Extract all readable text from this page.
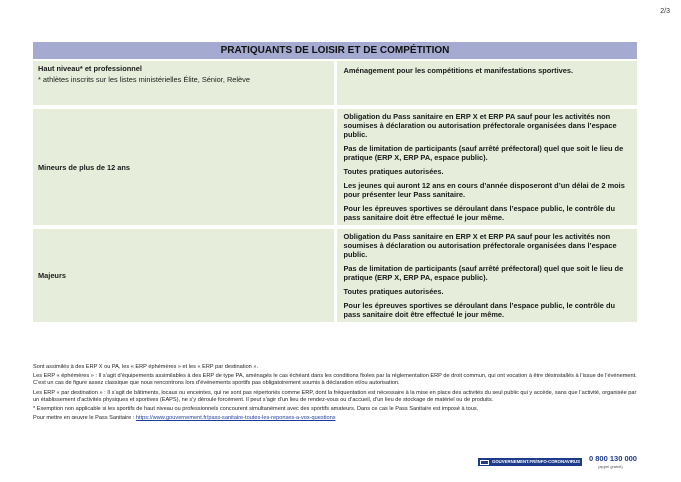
2/3
PRATIQUANTS DE LOISIR ET DE COMPÉTITION	

Haut niveau* et professionnel
* athlètes inscrits sur les listes ministérielles Élite, Sénior, Relève	Aménagement pour les compétitions et manifestations sportives.

Mineurs de plus de 12 ans	Obligation du Pass sanitaire en ERP X et ERP PA sauf pour les activités non soumises à déclaration ou autorisation préfectorale organisées dans l’espace public.

Pas de limitation de participants (sauf arrêté préfectoral) quel que soit le lieu de pratique (ERP X, ERP PA, espace public).

Toutes pratiques autorisées.

Les jeunes qui auront 12 ans en cours d’année disposeront d’un délai de 2 mois pour présenter leur Pass sanitaire.

Pour les épreuves sportives se déroulant dans l’espace public, le contrôle du pass sanitaire doit être effectué le jour même.

Majeurs	Obligation du Pass sanitaire en ERP X et ERP PA sauf pour les activités non soumises à déclaration ou autorisation préfectorale organisées dans l’espace public.

Pas de limitation de participants (sauf arrêté préfectoral) quel que soit le lieu de pratique (ERP X, ERP PA, espace public).

Toutes pratiques autorisées.

Pour les épreuves sportives se déroulant dans l’espace public, le contrôle du pass sanitaire doit être effectué le jour même.

Sont assimilés à des ERP X ou PA, les « ERP éphémères » et les « ERP par destination ».

Les ERP « éphémères » : Il s’agit d’équipements assimilables à des ERP de type PA, aménagés le cas échéant dans les conditions fixées par la réglementation ERP de droit commun, qui ont vocation à être désinstallés à l’issue de l’événement. C’est un cas de figure assez classique que nous rencontrons lors d’événements sportifs pas obligatoirement soumis à déclaration et/ou autorisation.

Les ERP « par destination » : Il s’agit de bâtiments, locaux ou enceintes, qui ne sont pas répertoriés comme ERP, dont la fréquentation est nécessaire à la mise en place des activités du seul public qui y accède, sans que l’activité, organisée par un établissement d’activités physiques et sportives (EAPS), ne s’y déroule forcément. Il peut s’agir d’un lieu de rendez-vous ou d’accueil, d’un lieu de stockage de matériel ou de produits.

* Exemption non applicable si les sportifs de haut niveau ou professionnels concourent simultanément avec des sportifs amateurs. Dans ce cas le Pass Sanitaire est imposé à tous.

Pour mettre en œuvre le Pass Sanitaire : https://www.gouvernement.fr/pass-sanitaire-toutes-les-reponses-a-vos-questions

GOUVERNEMENT.FR/INFO-CORONAVIRUS 0 800 130 000
(appel gratuit)
